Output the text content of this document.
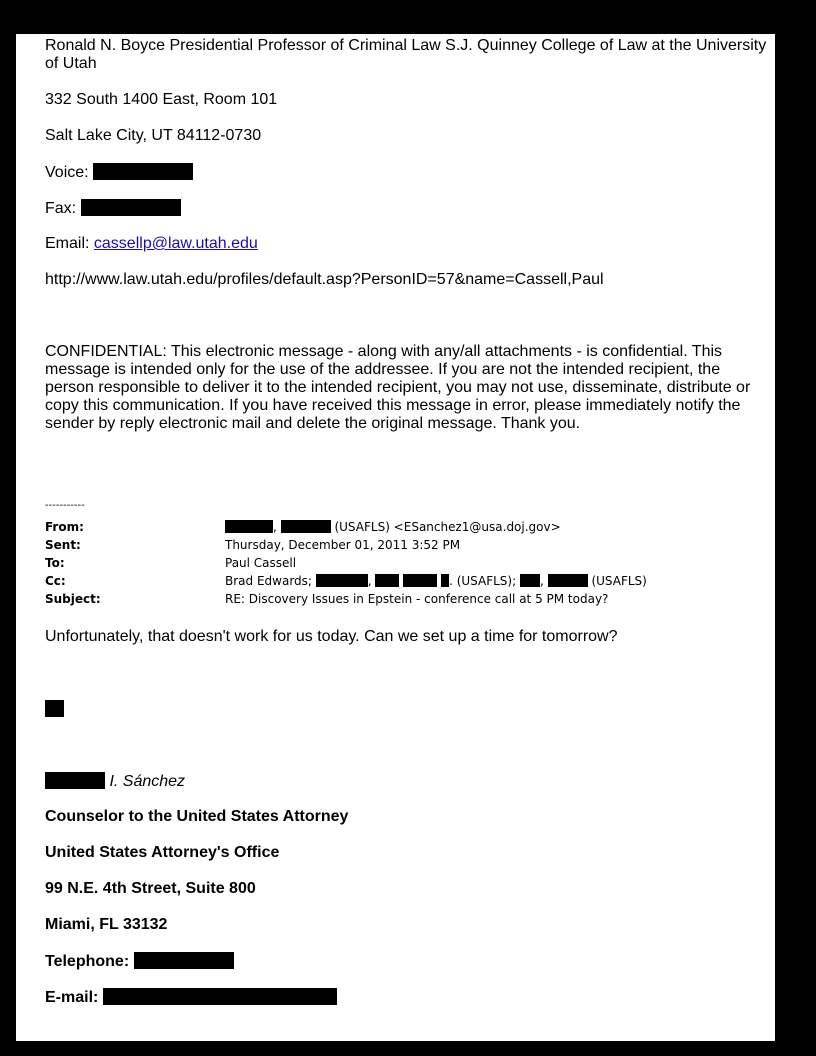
Ronald N. Boyce Presidential Professor of Criminal Law S.J. Quinney College of Law at the University of Utah

332 South 1400 East, Room 101

Salt Lake City, UT 84112-0730

Voice:

Fax:

Email: cassellp@law.utah.edu

http://www.law.utah.edu/profiles/default.asp?PersonID=57&name=Cassell,Paul

CONFIDENTIAL: This electronic message - along with any/all attachments - is confidential. This message is intended only for the use of the addressee. If you are not the intended recipient, the person responsible to deliver it to the intended recipient, you may not use, disseminate, distribute or copy this communication. If you have received this message in error, please immediately notify the sender by reply electronic mail and delete the original message. Thank you.

-----------
From:	,	(USAFLS) <ESanchez1@usa.doj.gov>
Sent:	Thursday, December 01, 2011 3:52 PM
To:	Paul Cassell
Cc:	Brad Edwards;	,	. (USAFLS); ,	(USAFLS)
Subject:	RE: Discovery Issues in Epstein - conference call at 5 PM today?

Unfortunately, that doesn't work for us today. Can we set up a time for tomorrow?

I. Sánchez

Counselor to the United States Attorney

United States Attorney's Office

99 N.E. 4th Street, Suite 800

Miami, FL 33132

Telephone:

E-mail:
